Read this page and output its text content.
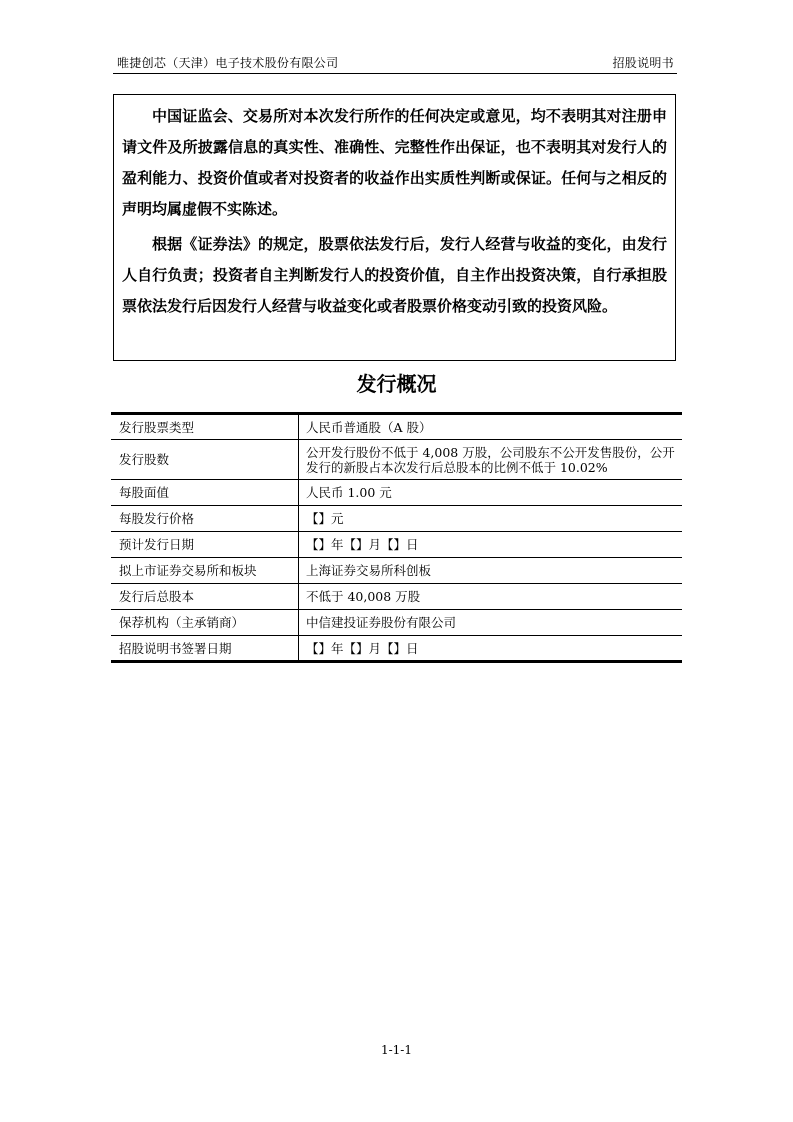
唯捷创芯（天津）电子技术股份有限公司	招股说明书

中国证监会、交易所对本次发行所作的任何决定或意见，均不表明其对注册申请文件及所披露信息的真实性、准确性、完整性作出保证，也不表明其对发行人的盈利能力、投资价值或者对投资者的收益作出实质性判断或保证。任何与之相反的声明均属虚假不实陈述。

根据《证券法》的规定，股票依法发行后，发行人经营与收益的变化，由发行人自行负责；投资者自主判断发行人的投资价值，自主作出投资决策，自行承担股票依法发行后因发行人经营与收益变化或者股票价格变动引致的投资风险。

发行概况
发行股票类型	人民币普通股（A 股）
发行股数	公开发行股份不低于 4,008 万股，公司股东不公开发售股份，公开发行的新股占本次发行后总股本的比例不低于 10.02%
每股面值	人民币 1.00 元
每股发行价格	【】元
预计发行日期	【】年【】月【】日
拟上市证券交易所和板块	上海证券交易所科创板
发行后总股本	不低于 40,008 万股
保荐机构（主承销商）	中信建投证券股份有限公司
招股说明书签署日期	【】年【】月【】日
1-1-1
